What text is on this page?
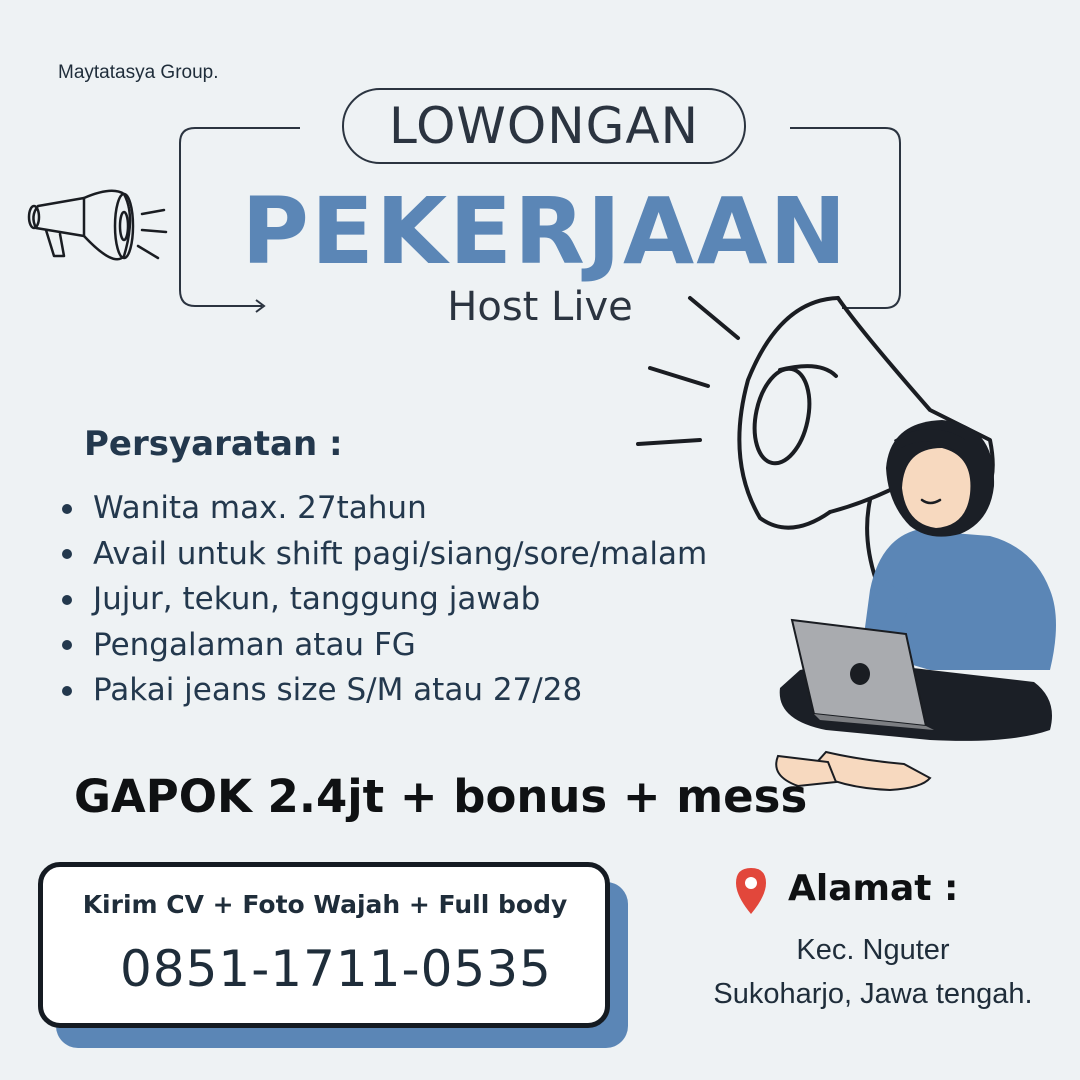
Maytatasya Group.
LOWONGAN
PEKERJAAN
Host Live
Persyaratan :
Wanita max. 27tahun
Avail untuk shift pagi/siang/sore/malam
Jujur, tekun, tanggung jawab
Pengalaman atau FG
Pakai jeans size S/M atau 27/28
GAPOK 2.4jt + bonus + mess
Kirim CV + Foto Wajah + Full body
0851-1711-0535
Alamat :
Kec. Nguter
Sukoharjo, Jawa tengah.
